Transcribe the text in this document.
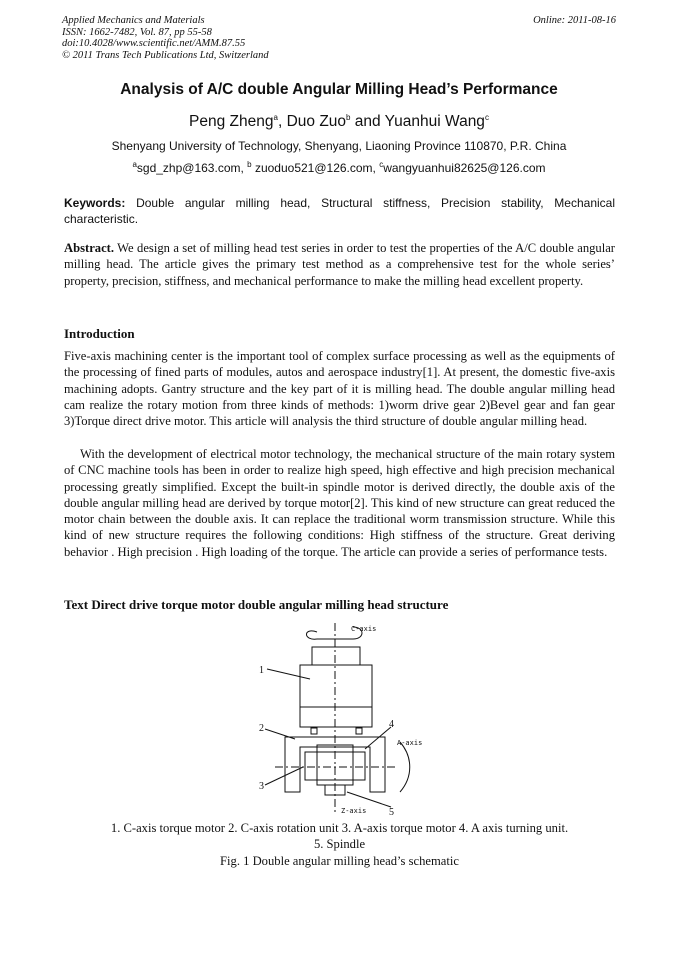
Applied Mechanics and Materials
ISSN: 1662-7482, Vol. 87, pp 55-58
doi:10.4028/www.scientific.net/AMM.87.55
© 2011 Trans Tech Publications Ltd, Switzerland
Online: 2011-08-16
Analysis of A/C double Angular Milling Head’s Performance
Peng Zheng$^a$, Duo Zuo$^b$ and Yuanhui Wang$^c$
Shenyang University of Technology, Shenyang, Liaoning Province 110870, P.R. China
$^a$sgd_zhp@163.com, $^b$ zuoduo521@126.com, $^c$wangyuanhui82625@126.com
Keywords: Double angular milling head, Structural stiffness, Precision stability, Mechanical characteristic.
Abstract. We design a set of milling head test series in order to test the properties of the A/C double angular milling head. The article gives the primary test method as a comprehensive test for the whole series’ property, precision, stiffness, and mechanical performance to make the milling head excellent property.
Introduction

Five-axis machining center is the important tool of complex surface processing as well as the equipments of the processing of fined parts of modules, autos and aerospace industry[1]. At present, the domestic five-axis machining adopts. Gantry structure and the key part of it is milling head. The double angular milling head cam realize the rotary motion from three kinds of methods: 1)worm drive gear 2)Bevel gear and fan gear 3)Torque direct drive motor. This article will analysis the third structure of double angular milling head.

With the development of electrical motor technology, the mechanical structure of the main rotary system of CNC machine tools has been in order to realize high speed, high effective and high precision mechanical processing greatly simplified. Except the built-in spindle motor is derived directly, the double axis of the double angular milling head are derived by torque motor[2]. This kind of new structure can great reduced the motor chain between the double axis. It can replace the traditional worm transmission structure. While this kind of new structure requires the following conditions: High stiffness of the structure. Great deriving behavior . High precision . High loading of the torque. The article can provide a series of performance tests.

Text Direct drive torque motor double angular milling head structure
C-axis
A-axis
Z-axis
1
2
3
4
5
1. C-axis torque motor 2. C-axis rotation unit 3. A-axis torque motor 4. A axis turning unit.
5. Spindle
Fig. 1 Double angular milling head’s schematic
